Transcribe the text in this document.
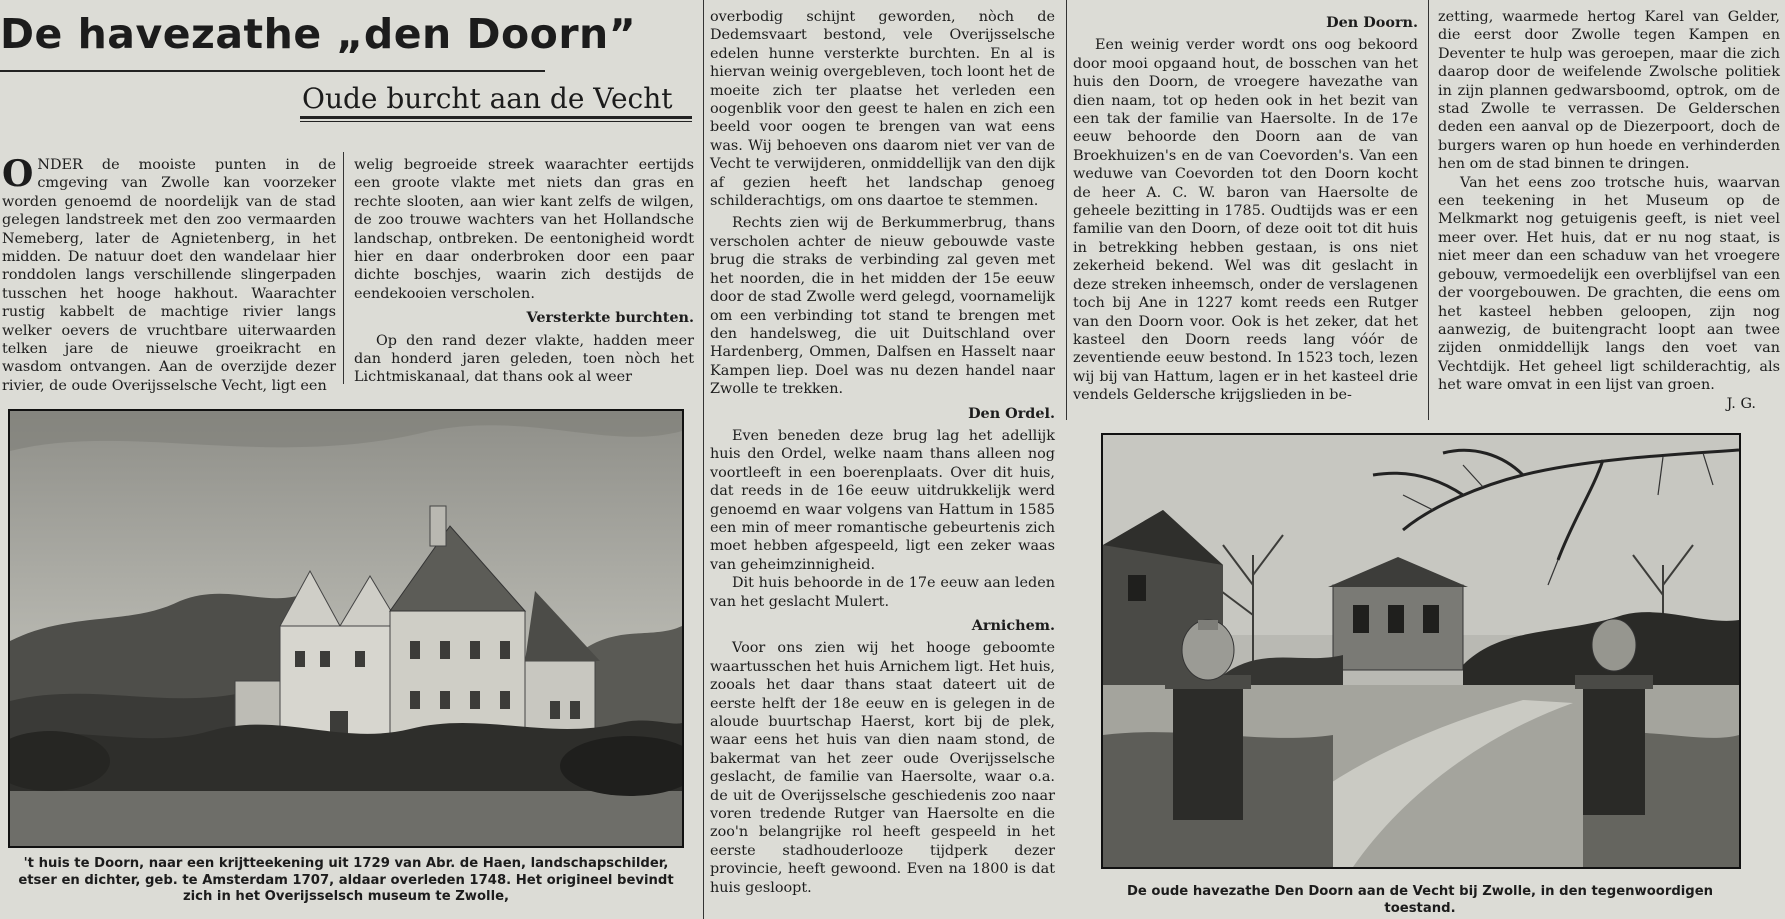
De havezathe „den Doorn”
Oude burcht aan de Vecht
O NDER de mooiste punten in de cmgeving van Zwolle kan voorzeker worden genoemd de noordelijk van de stad gelegen landstreek met den zoo vermaarden Nemeberg, later de Agnietenberg, in het midden. De natuur doet den wandelaar hier ronddolen langs verschillende slingerpaden tusschen het hooge hakhout. Waarachter rustig kabbelt de machtige rivier langs welker oevers de vruchtbare uiterwaarden telken jare de nieuwe groeikracht en wasdom ontvangen. Aan de overzijde dezer rivier, de oude Overijsselsche Vecht, ligt een

welig begroeide streek waarachter eertijds een groote vlakte met niets dan gras en rechte slooten, aan wier kant zelfs de wilgen, de zoo trouwe wachters van het Hollandsche landschap, ontbreken. De eentonigheid wordt hier en daar onderbroken door een paar dichte boschjes, waarin zich destijds de eendekooien verscholen.

Versterkte burchten.

Op den rand dezer vlakte, hadden meer dan honderd jaren geleden, toen nòch het Lichtmiskanaal, dat thans ook al weer

overbodig schijnt geworden, nòch de Dedemsvaart bestond, vele Overijsselsche edelen hunne versterkte burchten. En al is hiervan weinig overgebleven, toch loont het de moeite zich ter plaatse het verleden een oogenblik voor den geest te halen en zich een beeld voor oogen te brengen van wat eens was. Wij behoeven ons daarom niet ver van de Vecht te verwijderen, onmiddellijk van den dijk af gezien heeft het landschap genoeg schilderachtigs, om ons daartoe te stemmen.

Rechts zien wij de Berkummerbrug, thans verscholen achter de nieuw gebouwde vaste brug die straks de verbinding zal geven met het noorden, die in het midden der 15e eeuw door de stad Zwolle werd gelegd, voornamelijk om een verbinding tot stand te brengen met den handelsweg, die uit Duitschland over Hardenberg, Ommen, Dalfsen en Hasselt naar Kampen liep. Doel was nu dezen handel naar Zwolle te trekken.

Den Ordel.

Even beneden deze brug lag het adellijk huis den Ordel, welke naam thans alleen nog voortleeft in een boerenplaats. Over dit huis, dat reeds in de 16e eeuw uitdrukkelijk werd genoemd en waar volgens van Hattum in 1585 een min of meer romantische gebeurtenis zich moet hebben afgespeeld, ligt een zeker waas van geheimzinnigheid.

Dit huis behoorde in de 17e eeuw aan leden van het geslacht Mulert.

Arnichem.

Voor ons zien wij het hooge geboomte waartusschen het huis Arnichem ligt. Het huis, zooals het daar thans staat dateert uit de eerste helft der 18e eeuw en is gelegen in de aloude buurtschap Haerst, kort bij de plek, waar eens het huis van dien naam stond, de bakermat van het zeer oude Overijsselsche geslacht, de familie van Haersolte, waar o.a. de uit de Overijsselsche geschiedenis zoo naar voren tredende Rutger van Haersolte en die zoo'n belangrijke rol heeft gespeeld in het eerste stadhouderlooze tijdperk dezer provincie, heeft gewoond. Even na 1800 is dat huis gesloopt.

Den Doorn.

Een weinig verder wordt ons oog bekoord door mooi opgaand hout, de bosschen van het huis den Doorn, de vroegere havezathe van dien naam, tot op heden ook in het bezit van een tak der familie van Haersolte. In de 17e eeuw behoorde den Doorn aan de van Broekhuizen's en de van Coevorden's. Van een weduwe van Coevorden tot den Doorn kocht de heer A. C. W. baron van Haersolte de geheele bezitting in 1785. Oudtijds was er een familie van den Doorn, of deze ooit tot dit huis in betrekking hebben gestaan, is ons niet zekerheid bekend. Wel was dit geslacht in deze streken inheemsch, onder de verslagenen toch bij Ane in 1227 komt reeds een Rutger van den Doorn voor. Ook is het zeker, dat het kasteel den Doorn reeds lang vóór de zeventiende eeuw bestond. In 1523 toch, lezen wij bij van Hattum, lagen er in het kasteel drie vendels Geldersche krijgslieden in be-

zetting, waarmede hertog Karel van Gelder, die eerst door Zwolle tegen Kampen en Deventer te hulp was geroepen, maar die zich daarop door de weifelende Zwolsche politiek in zijn plannen gedwarsboomd, optrok, om de stad Zwolle te verrassen. De Gelderschen deden een aanval op de Diezerpoort, doch de burgers waren op hun hoede en verhinderden hen om de stad binnen te dringen.

Van het eens zoo trotsche huis, waarvan een teekening in het Museum op de Melkmarkt nog getuigenis geeft, is niet veel meer over. Het huis, dat er nu nog staat, is niet meer dan een schaduw van het vroegere gebouw, vermoedelijk een overblijfsel van een der voorgebouwen. De grachten, die eens om het kasteel hebben geloopen, zijn nog aanwezig, de buitengracht loopt aan twee zijden onmiddellijk langs den voet van Vechtdijk. Het geheel ligt schilderachtig, als het ware omvat in een lijst van groen.

J. G.
't huis te Doorn, naar een krijtteekening uit 1729 van Abr. de Haen, landschapschilder, etser en dichter, geb. te Amsterdam 1707, aldaar overleden 1748. Het origineel bevindt zich in het Overijsselsch museum te Zwolle,	De oude havezathe Den Doorn aan de Vecht bij Zwolle, in den tegenwoordigen toestand.
